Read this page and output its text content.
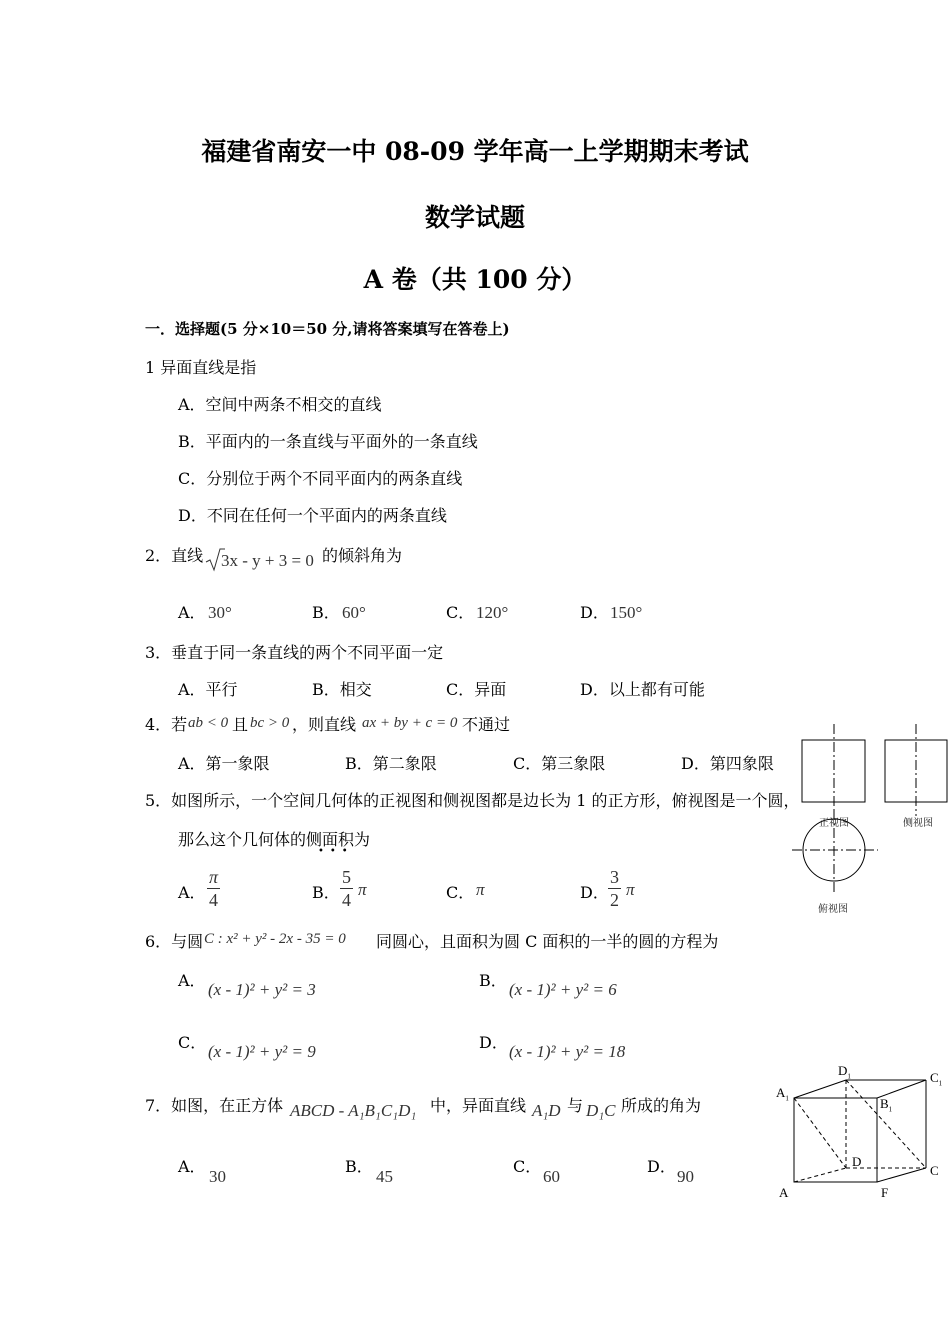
福建省南安一中 08-09 学年高一上学期期末考试
数学试题
A 卷（共 100 分）
一．选择题(5 分×10＝50 分,请将答案填写在答卷上)
1 异面直线是指
A．空间中两条不相交的直线
B．平面内的一条直线与平面外的一条直线
C．分别位于两个不同平面内的两条直线
D．不同在任何一个平面内的两条直线
2．直线 3x - y + 3 = 0 的倾斜角为
A． 30°	B． 60°	C． 120°	D． 150°
3．垂直于同一条直线的两个不同平面一定
A．平行	B．相交	C．异面	D．以上都有可能
4．若 ab < 0 且 bc > 0 ，则直线 ax + by + c = 0 不通过
A．第一象限	B．第二象限	C．第三象限	D．第四象限
5．如图所示，一个空间几何体的正视图和侧视图都是边长为 1 的正方形，俯视图是一个圆，
那么这个几何体的侧面积为
•••
A． $\frac{\pi}{4}$	B． $\frac{5}{4}$ π	C． π	D． $\frac{3}{2}$ π
正视图	侧视图
俯视图
6．与圆 C : x² + y² - 2x - 35 = 0 同圆心，且面积为圆 C 面积的一半的圆的方程为
A． (x - 1)² + y² = 3	B． (x - 1)² + y² = 6
C． (x - 1)² + y² = 9	D． (x - 1)² + y² = 18
7．如图，在正方体 ABCD - A₁B₁C₁D₁ 中，异面直线 A₁D 与 D₁C 所成的角为
A．
30
B．
45
C．
60
D．
90
$D_1$	$C_1$
$A_1$	$B_1$
D
C
A	F
